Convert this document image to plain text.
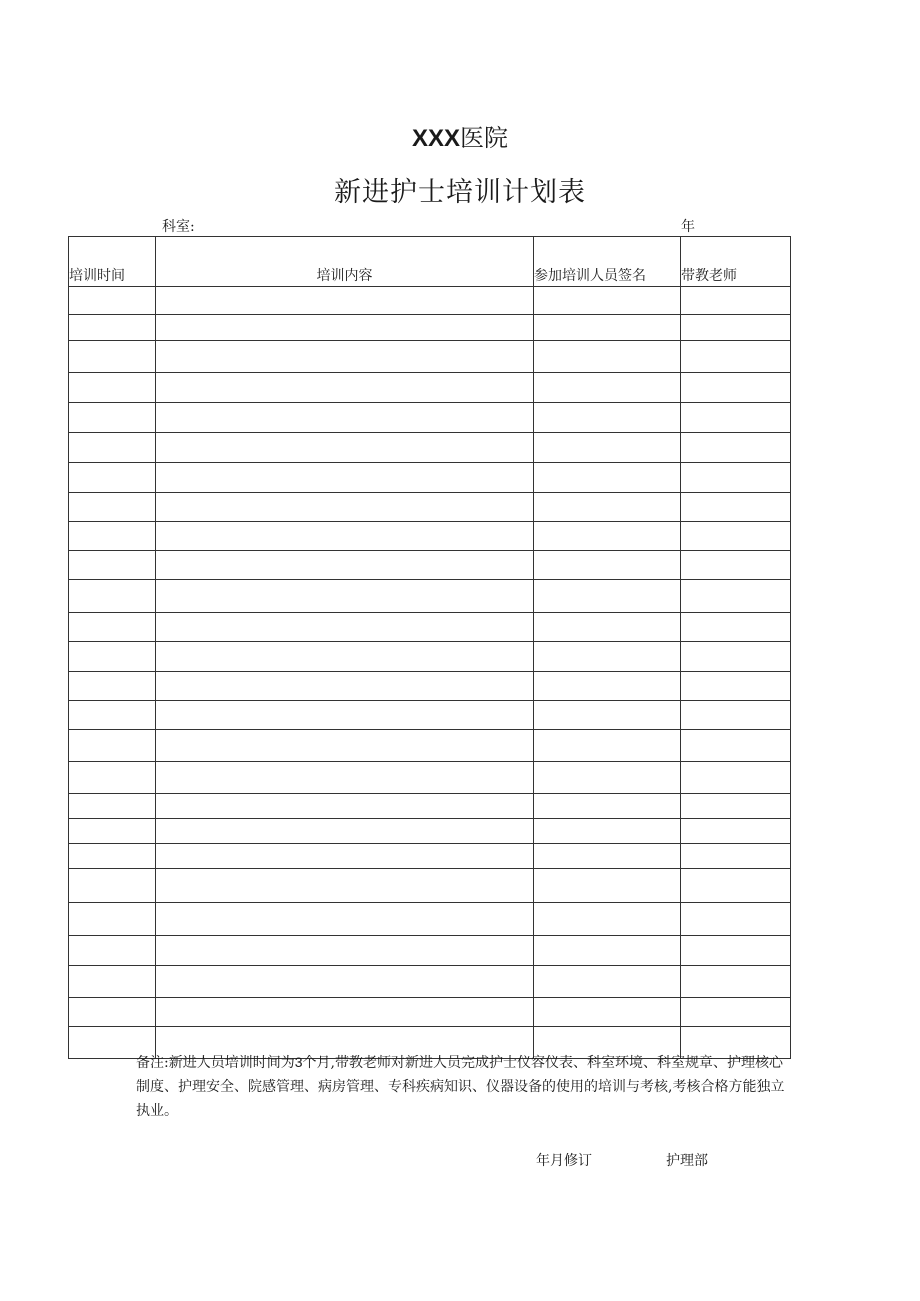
XXX医院
新进护士培训计划表
科室:	年
培训时间	培训内容	参加培训人员签名	带教老师

备注:新进人员培训时间为3个月,带教老师对新进人员完成护士仪容仪表、科室环境、科室规章、护理核心制度、护理安全、院感管理、病房管理、专科疾病知识、仪器设备的使用的培训与考核,考核合格方能独立执业。
年月修订	护理部
